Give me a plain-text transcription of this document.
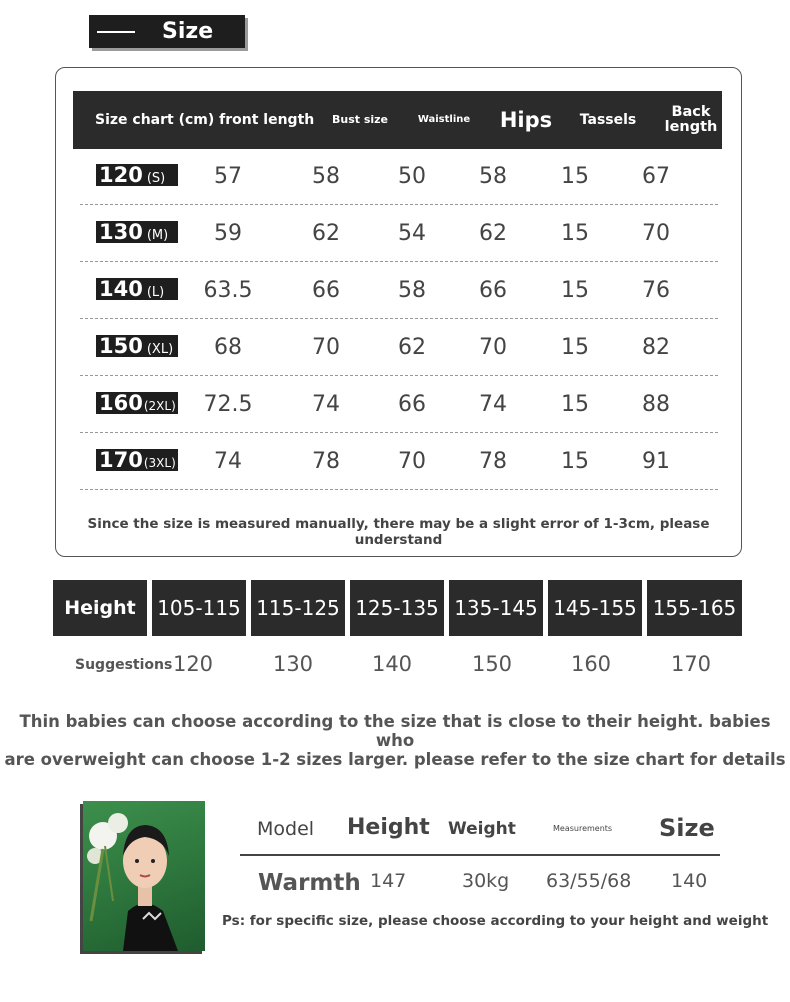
Size
Size chart (cm) front length	Bust size	Waistline	Hips	Tassels	Back length
120 (S)	57	58	50	58	15	67
130 (M)	59	62	54	62	15	70
140 (L)	63.5	66	58	66	15	76
150 (XL)	68	70	62	70	15	82
160 (2XL)	72.5	74	66	74	15	88
170 (3XL)	74	78	70	78	15	91
Since the size is measured manually, there may be a slight error of 1-3cm, please understand
Height	105-115 115-125 125-135 135-145 145-155 155-165
Suggestions 120	130	140	150	160	170
Thin babies can choose according to the size that is close to their height. babies who
are overweight can choose 1-2 sizes larger. please refer to the size chart for details
Model Height Weight	Measurements Size
Warmth 147	30kg 63/55/68 140
Ps: for specific size, please choose according to your height and weight
